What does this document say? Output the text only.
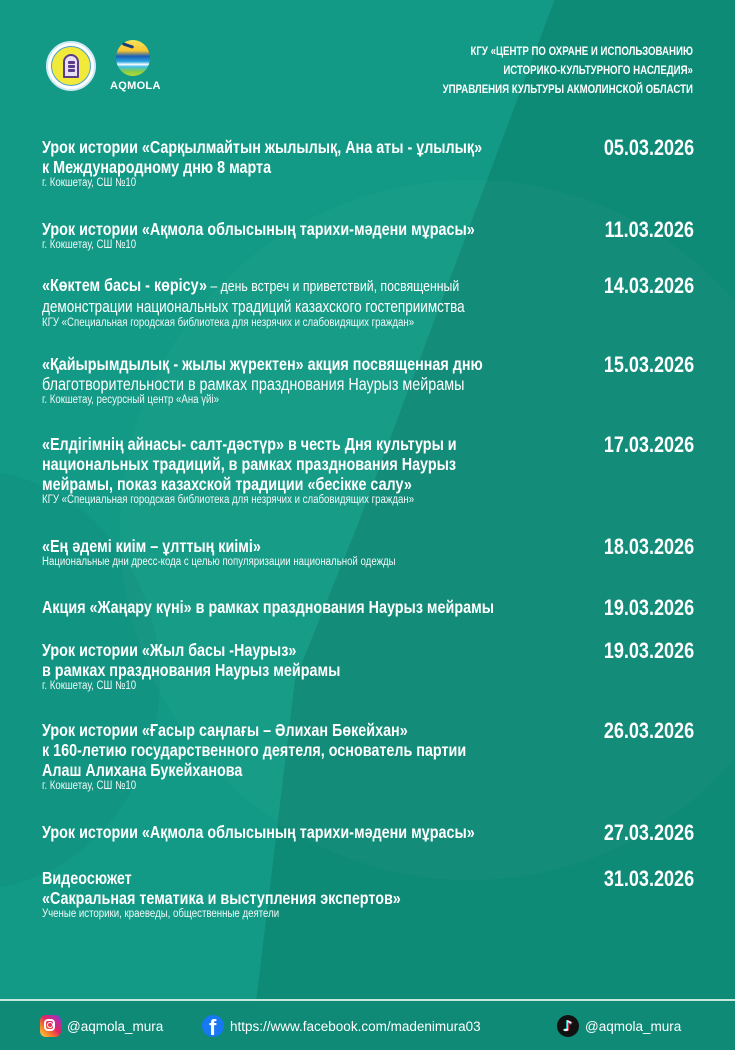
AQMOLA
КГУ «ЦЕНТР ПО ОХРАНЕ И ИСПОЛЬЗОВАНИЮ
ИСТОРИКО-КУЛЬТУРНОГО НАСЛЕДИЯ»
УПРАВЛЕНИЯ КУЛЬТУРЫ АКМОЛИНСКОЙ ОБЛАСТИ
Урок истории «Сарқылмайтын жылылық, Ана аты - ұлылық»
к Международному дню 8 марта
г. Кокшетау, СШ №10
05.03.2026
Урок истории «Ақмола облысының тарихи-мәдени мұрасы»
г. Кокшетау, СШ №10
11.03.2026
«Көктем басы - көрісу» – день встреч и приветствий, посвященный
демонстрации национальных традиций казахского гостеприимства
КГУ «Специальная городская библиотека для незрячих и слабовидящих граждан»
14.03.2026
«Қайырымдылық - жылы жүректен» акция посвященная дню
благотворительности в рамках празднования Наурыз мейрамы
г. Кокшетау, ресурсный центр «Ана үйі»
15.03.2026
«Елдігімнің айнасы- салт-дәстүр» в честь Дня культуры и
национальных традиций, в рамках празднования Наурыз
мейрамы, показ казахской традиции «бесікке салу»
КГУ «Специальная городская библиотека для незрячих и слабовидящих граждан»
17.03.2026
«Ең әдемі киім – ұлттың киімі»
Национальные дни дресс-кода с целью популяризации национальной одежды
18.03.2026
Акция «Жаңару күні» в рамках празднования Наурыз мейрамы	19.03.2026
Урок истории «Жыл басы -Наурыз»
в рамках празднования Наурыз мейрамы
г. Кокшетау, СШ №10
19.03.2026
Урок истории «Ғасыр саңлағы – Әлихан Бөкейхан»
к 160-летию государственного деятеля, основатель партии
Алаш Алихана Букейханова
г. Кокшетау, СШ №10
26.03.2026
Урок истории «Ақмола облысының тарихи-мәдени мұрасы»	27.03.2026
Видеосюжет
«Сакральная тематика и выступления экспертов»
Ученые историки, краеведы, общественные деятели
31.03.2026
@aqmola_mura f https://www.facebook.com/madenimura03	♪ @aqmola_mura
